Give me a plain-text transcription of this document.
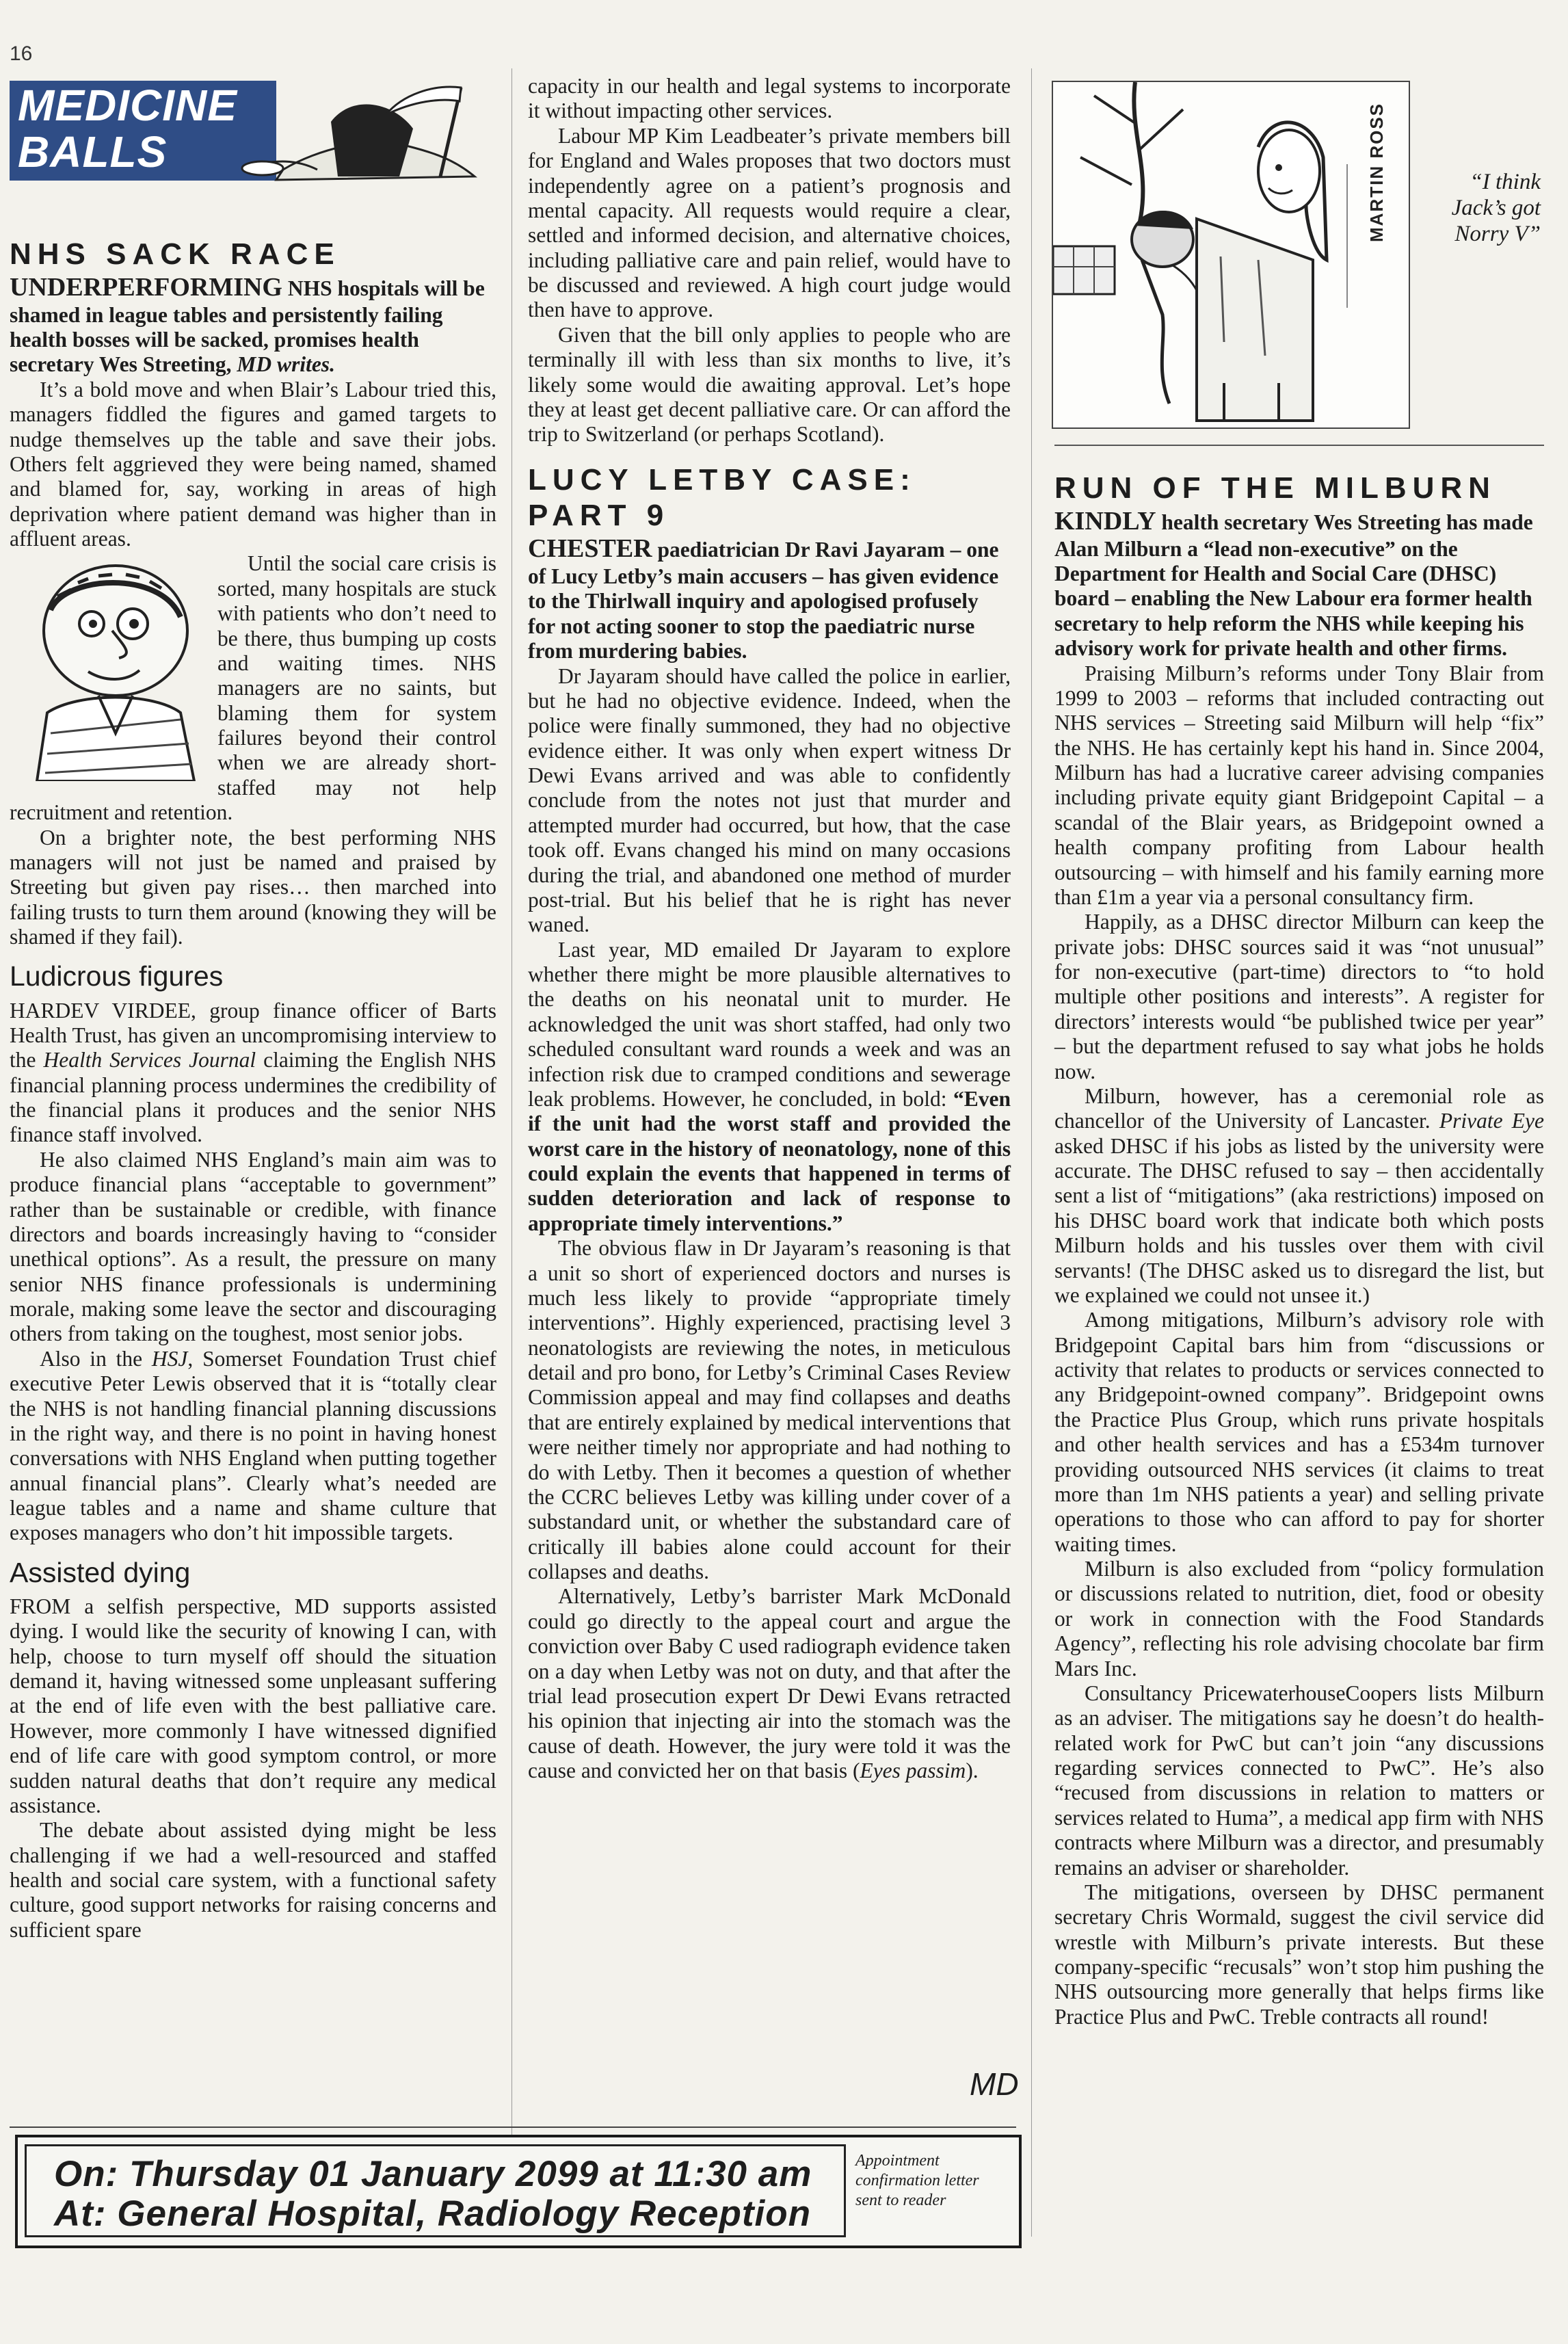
16
MEDICINE
BALLS
NHS SACK RACE

UNDERPERFORMING NHS hospitals will be shamed in league tables and persistently failing health bosses will be sacked, promises health secretary Wes Streeting, MD writes.

It’s a bold move and when Blair’s Labour tried this, managers fiddled the figures and gamed targets to nudge themselves up the table and save their jobs. Others felt aggrieved they were being named, shamed and blamed for, say, working in areas of high deprivation where patient demand was higher than in affluent areas.

Until the social care crisis is sorted, many hospitals are stuck with patients who don’t need to be there, thus bumping up costs and waiting times. NHS managers are no saints, but blaming them for system failures beyond their control when we are already short-staffed may not help recruitment and retention.

On a brighter note, the best performing NHS managers will not just be named and praised by Streeting but given pay rises… then marched into failing trusts to turn them around (knowing they will be shamed if they fail).

Ludicrous figures

HARDEV VIRDEE, group finance officer of Barts Health Trust, has given an uncompromising interview to the Health Services Journal claiming the English NHS financial planning process undermines the credibility of the financial plans it produces and the senior NHS finance staff involved.

He also claimed NHS England’s main aim was to produce financial plans “acceptable to government” rather than be sustainable or credible, with finance directors and boards increasingly having to “consider unethical options”. As a result, the pressure on many senior NHS finance professionals is undermining morale, making some leave the sector and discouraging others from taking on the toughest, most senior jobs.

Also in the HSJ, Somerset Foundation Trust chief executive Peter Lewis observed that it is “totally clear the NHS is not handling financial planning discussions in the right way, and there is no point in having honest conversations with NHS England when putting together annual financial plans”. Clearly what’s needed are league tables and a name and shame culture that exposes managers who don’t hit impossible targets.

Assisted dying

FROM a selfish perspective, MD supports assisted dying. I would like the security of knowing I can, with help, choose to turn myself off should the situation demand it, having witnessed some unpleasant suffering at the end of life even with the best palliative care. However, more commonly I have witnessed dignified end of life care with good symptom control, or more sudden natural deaths that don’t require any medical assistance.

The debate about assisted dying might be less challenging if we had a well-resourced and staffed health and social care system, with a functional safety culture, good support networks for raising concerns and sufficient spare

capacity in our health and legal systems to incorporate it without impacting other services.

Labour MP Kim Leadbeater’s private members bill for England and Wales proposes that two doctors must independently agree on a patient’s prognosis and mental capacity. All requests would require a clear, settled and informed decision, and alternative choices, including palliative care and pain relief, would have to be discussed and reviewed. A high court judge would then have to approve.

Given that the bill only applies to people who are terminally ill with less than six months to live, it’s likely some would die awaiting approval. Let’s hope they at least get decent palliative care. Or can afford the trip to Switzerland (or perhaps Scotland).

LUCY LETBY CASE:
PART 9

CHESTER paediatrician Dr Ravi Jayaram – one of Lucy Letby’s main accusers – has given evidence to the Thirlwall inquiry and apologised profusely for not acting sooner to stop the paediatric nurse from murdering babies.

Dr Jayaram should have called the police in earlier, but he had no objective evidence. Indeed, when the police were finally summoned, they had no objective evidence either. It was only when expert witness Dr Dewi Evans arrived and was able to confidently conclude from the notes not just that murder and attempted murder had occurred, but how, that the case took off. Evans changed his mind on many occasions during the trial, and abandoned one method of murder post-trial. But his belief that he is right has never waned.

Last year, MD emailed Dr Jayaram to explore whether there might be more plausible alternatives to the deaths on his neonatal unit to murder. He acknowledged the unit was short staffed, had only two scheduled consultant ward rounds a week and was an infection risk due to cramped conditions and sewerage leak problems. However, he concluded, in bold: “Even if the unit had the worst staff and provided the worst care in the history of neonatology, none of this could explain the events that happened in terms of sudden deterioration and lack of response to appropriate timely interventions.”

The obvious flaw in Dr Jayaram’s reasoning is that a unit so short of experienced doctors and nurses is much less likely to provide “appropriate timely interventions”. Highly experienced, practising level 3 neonatologists are reviewing the notes, in meticulous detail and pro bono, for Letby’s Criminal Cases Review Commission appeal and may find collapses and deaths that are entirely explained by medical interventions that were neither timely nor appropriate and had nothing to do with Letby. Then it becomes a question of whether the CCRC believes Letby was killing under cover of a substandard unit, or whether the substandard care of critically ill babies alone could account for their collapses and deaths.

Alternatively, Letby’s barrister Mark McDonald could go directly to the appeal court and argue the conviction over Baby C used radiograph evidence taken on a day when Letby was not on duty, and that after the trial lead prosecution expert Dr Dewi Evans retracted his opinion that injecting air into the stomach was the cause of death. However, the jury were told it was the cause and convicted her on that basis (Eyes passim).

MD
MARTIN ROSS	“I think Jack’s got Norry V”
RUN OF THE MILBURN

KINDLY health secretary Wes Streeting has made Alan Milburn a “lead non-executive” on the Department for Health and Social Care (DHSC) board – enabling the New Labour era former health secretary to help reform the NHS while keeping his advisory work for private health and other firms.

Praising Milburn’s reforms under Tony Blair from 1999 to 2003 – reforms that included contracting out NHS services – Streeting said Milburn will help “fix” the NHS. He has certainly kept his hand in. Since 2004, Milburn has had a lucrative career advising companies including private equity giant Bridgepoint Capital – a scandal of the Blair years, as Bridgepoint owned a health company profiting from Labour health outsourcing – with himself and his family earning more than £1m a year via a personal consultancy firm.

Happily, as a DHSC director Milburn can keep the private jobs: DHSC sources said it was “not unusual” for non-executive (part-time) directors to “to hold multiple other positions and interests”. A register for directors’ interests would “be published twice per year” – but the department refused to say what jobs he holds now.

Milburn, however, has a ceremonial role as chancellor of the University of Lancaster. Private Eye asked DHSC if his jobs as listed by the university were accurate. The DHSC refused to say – then accidentally sent a list of “mitigations” (aka restrictions) imposed on his DHSC board work that indicate both which posts Milburn holds and his tussles over them with civil servants! (The DHSC asked us to disregard the list, but we explained we could not unsee it.)

Among mitigations, Milburn’s advisory role with Bridgepoint Capital bars him from “discussions or activity that relates to products or services connected to any Bridgepoint-owned company”. Bridgepoint owns the Practice Plus Group, which runs private hospitals and other health services and has a £534m turnover providing outsourced NHS services (it claims to treat more than 1m NHS patients a year) and selling private operations to those who can afford to pay for shorter waiting times.

Milburn is also excluded from “policy formulation or discussions related to nutrition, diet, food or obesity or work in connection with the Food Standards Agency”, reflecting his role advising chocolate bar firm Mars Inc.

Consultancy PricewaterhouseCoopers lists Milburn as an adviser. The mitigations say he doesn’t do health-related work for PwC but can’t join “any discussions regarding services connected to PwC”. He’s also “recused from discussions in relation to matters or services related to Huma”, a medical app firm with NHS contracts where Milburn was a director, and presumably remains an adviser or shareholder.

The mitigations, overseen by DHSC permanent secretary Chris Wormald, suggest the civil service did wrestle with Milburn’s private interests. But these company-specific “recusals” won’t stop him pushing the NHS outsourcing more generally that helps firms like Practice Plus and PwC. Treble contracts all round!

On: Thursday 01 January 2099 at 11:30 am
At: General Hospital, Radiology Reception
Appointment confirmation letter sent to reader
